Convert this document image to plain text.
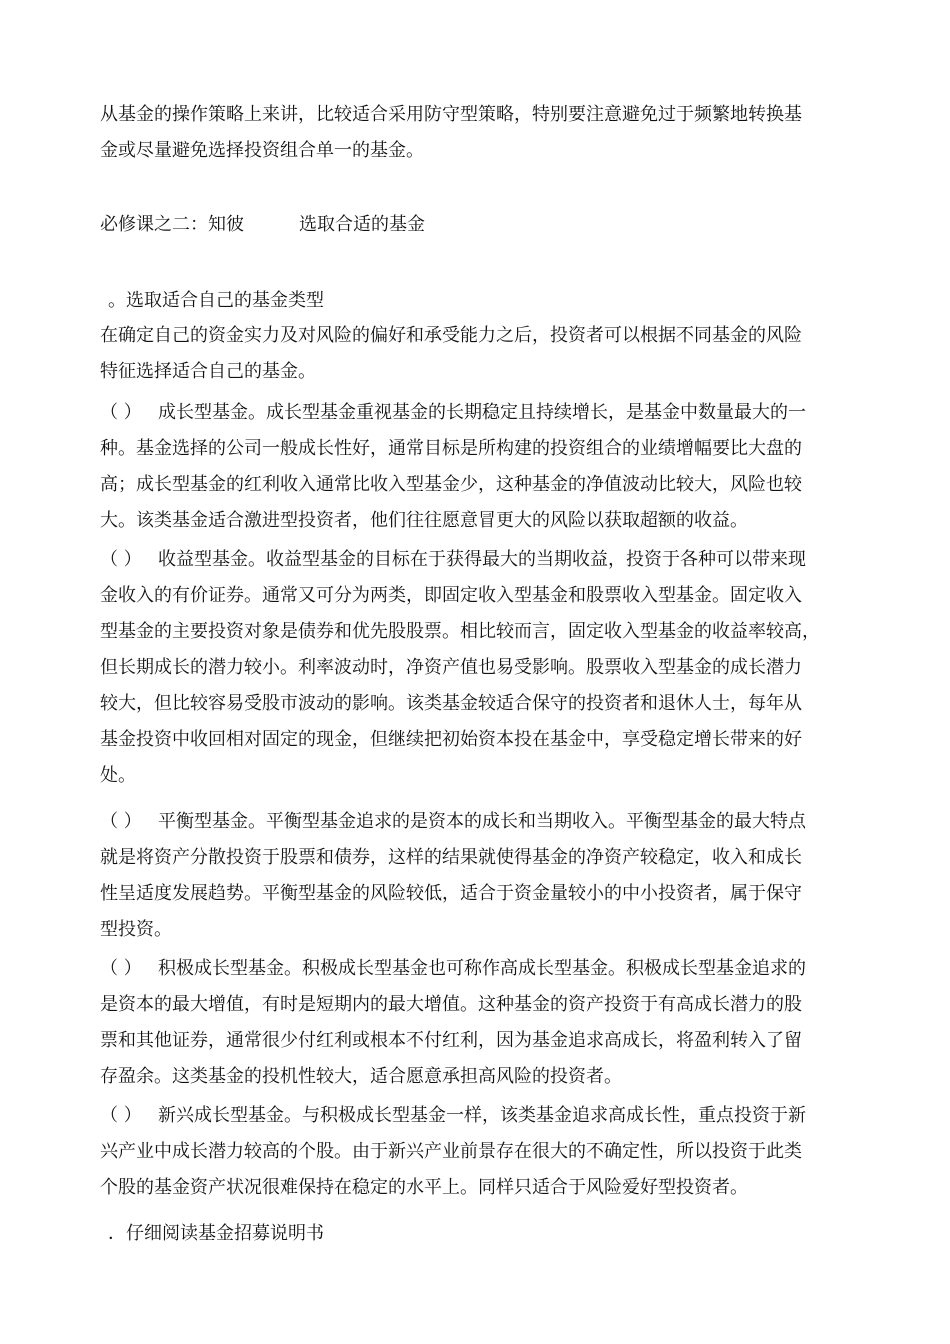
从基金的操作策略上来讲，比较适合采用防守型策略，特别要注意避免过于频繁地转换基
金或尽量避免选择投资组合单一的基金。
必修课之二：知彼	选取合适的基金
。选取适合自己的基金类型
在确定自己的资金实力及对风险的偏好和承受能力之后，投资者可以根据不同基金的风险
特征选择适合自己的基金。
（ ） 成长型基金。成长型基金重视基金的长期稳定且持续增长，是基金中数量最大的一
种。基金选择的公司一般成长性好，通常目标是所构建的投资组合的业绩增幅要比大盘的
高；成长型基金的红利收入通常比收入型基金少，这种基金的净值波动比较大，风险也较
大。该类基金适合激进型投资者，他们往往愿意冒更大的风险以获取超额的收益。
（ ） 收益型基金。收益型基金的目标在于获得最大的当期收益，投资于各种可以带来现
金收入的有价证券。通常又可分为两类，即固定收入型基金和股票收入型基金。固定收入
型基金的主要投资对象是债券和优先股股票。相比较而言，固定收入型基金的收益率较高，
但长期成长的潜力较小。利率波动时，净资产值也易受影响。股票收入型基金的成长潜力
较大，但比较容易受股市波动的影响。该类基金较适合保守的投资者和退休人士，每年从
基金投资中收回相对固定的现金，但继续把初始资本投在基金中，享受稳定增长带来的好
处。
（ ） 平衡型基金。平衡型基金追求的是资本的成长和当期收入。平衡型基金的最大特点
就是将资产分散投资于股票和债券，这样的结果就使得基金的净资产较稳定，收入和成长
性呈适度发展趋势。平衡型基金的风险较低，适合于资金量较小的中小投资者，属于保守
型投资。
（ ） 积极成长型基金。积极成长型基金也可称作高成长型基金。积极成长型基金追求的
是资本的最大增值，有时是短期内的最大增值。这种基金的资产投资于有高成长潜力的股
票和其他证券，通常很少付红利或根本不付红利，因为基金追求高成长，将盈利转入了留
存盈余。这类基金的投机性较大，适合愿意承担高风险的投资者。
（ ） 新兴成长型基金。与积极成长型基金一样，该类基金追求高成长性，重点投资于新
兴产业中成长潜力较高的个股。由于新兴产业前景存在很大的不确定性，所以投资于此类
个股的基金资产状况很难保持在稳定的水平上。同样只适合于风险爱好型投资者。
．仔细阅读基金招募说明书
